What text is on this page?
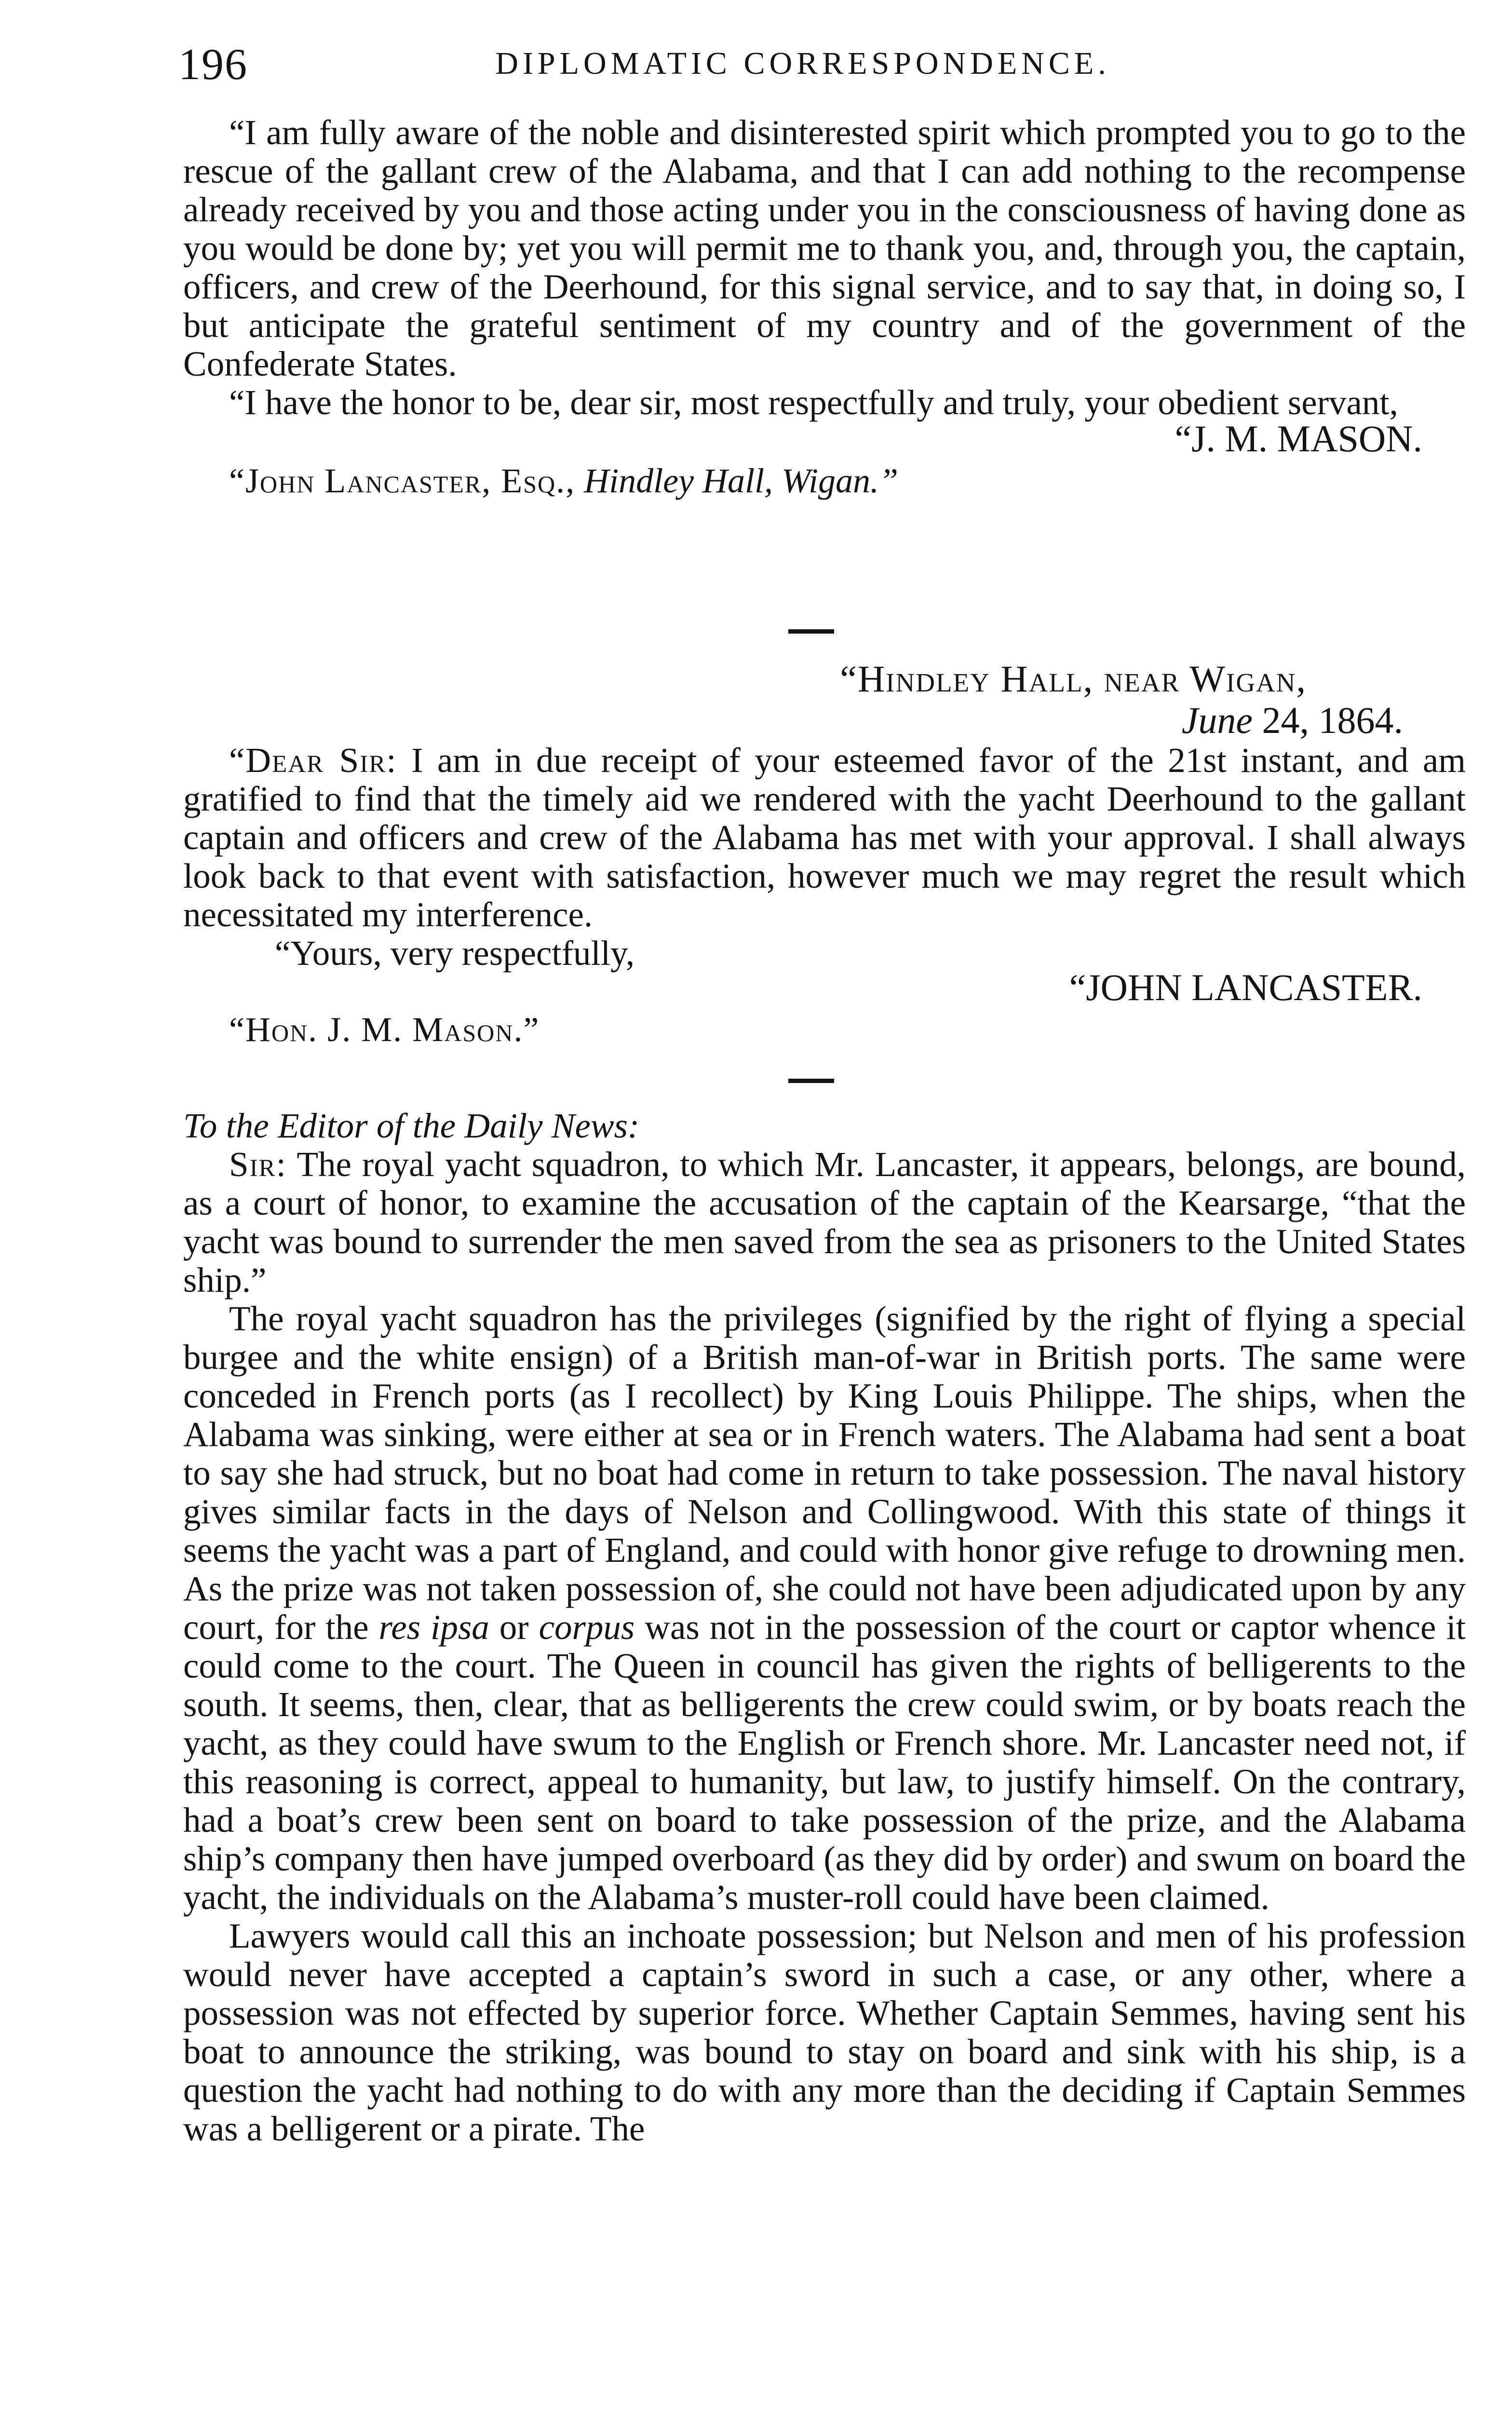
196	DIPLOMATIC CORRESPONDENCE.

“I am fully aware of the noble and disinterested spirit which prompted you to go to the rescue of the gallant crew of the Alabama, and that I can add nothing to the recompense already received by you and those acting under you in the consciousness of having done as you would be done by; yet you will permit me to thank you, and, through you, the captain, officers, and crew of the Deerhound, for this signal service, and to say that, in doing so, I but anticipate the grateful sentiment of my country and of the government of the Confederate States.

“I have the honor to be, dear sir, most respectfully and truly, your obedient servant,

“J. M. MASON.
“John Lancaster, Esq., Hindley Hall, Wigan.”
“Hindley Hall, near Wigan,
June 24, 1864.

“Dear Sir: I am in due receipt of your esteemed favor of the 21st instant, and am gratified to find that the timely aid we rendered with the yacht Deerhound to the gallant captain and officers and crew of the Alabama has met with your approval. I shall always look back to that event with satisfaction, however much we may regret the result which necessitated my interference.

“Yours, very respectfully,
“JOHN LANCASTER.
“Hon. J. M. Mason.”
To the Editor of the Daily News:

Sir: The royal yacht squadron, to which Mr. Lancaster, it appears, belongs, are bound, as a court of honor, to examine the accusation of the captain of the Kearsarge, “that the yacht was bound to surrender the men saved from the sea as prisoners to the United States ship.”

The royal yacht squadron has the privileges (signified by the right of flying a special burgee and the white ensign) of a British man-of-war in British ports. The same were conceded in French ports (as I recollect) by King Louis Philippe. The ships, when the Alabama was sinking, were either at sea or in French waters. The Alabama had sent a boat to say she had struck, but no boat had come in return to take possession. The naval history gives similar facts in the days of Nelson and Collingwood. With this state of things it seems the yacht was a part of England, and could with honor give refuge to drowning men. As the prize was not taken possession of, she could not have been adjudicated upon by any court, for the res ipsa or corpus was not in the possession of the court or captor whence it could come to the court. The Queen in council has given the rights of belligerents to the south. It seems, then, clear, that as belligerents the crew could swim, or by boats reach the yacht, as they could have swum to the English or French shore. Mr. Lancaster need not, if this reasoning is correct, appeal to humanity, but law, to justify himself. On the contrary, had a boat’s crew been sent on board to take possession of the prize, and the Alabama ship’s company then have jumped overboard (as they did by order) and swum on board the yacht, the individuals on the Alabama’s muster-roll could have been claimed.

Lawyers would call this an inchoate possession; but Nelson and men of his profession would never have accepted a captain’s sword in such a case, or any other, where a possession was not effected by superior force. Whether Captain Semmes, having sent his boat to announce the striking, was bound to stay on board and sink with his ship, is a question the yacht had nothing to do with any more than the deciding if Captain Semmes was a belligerent or a pirate. The
